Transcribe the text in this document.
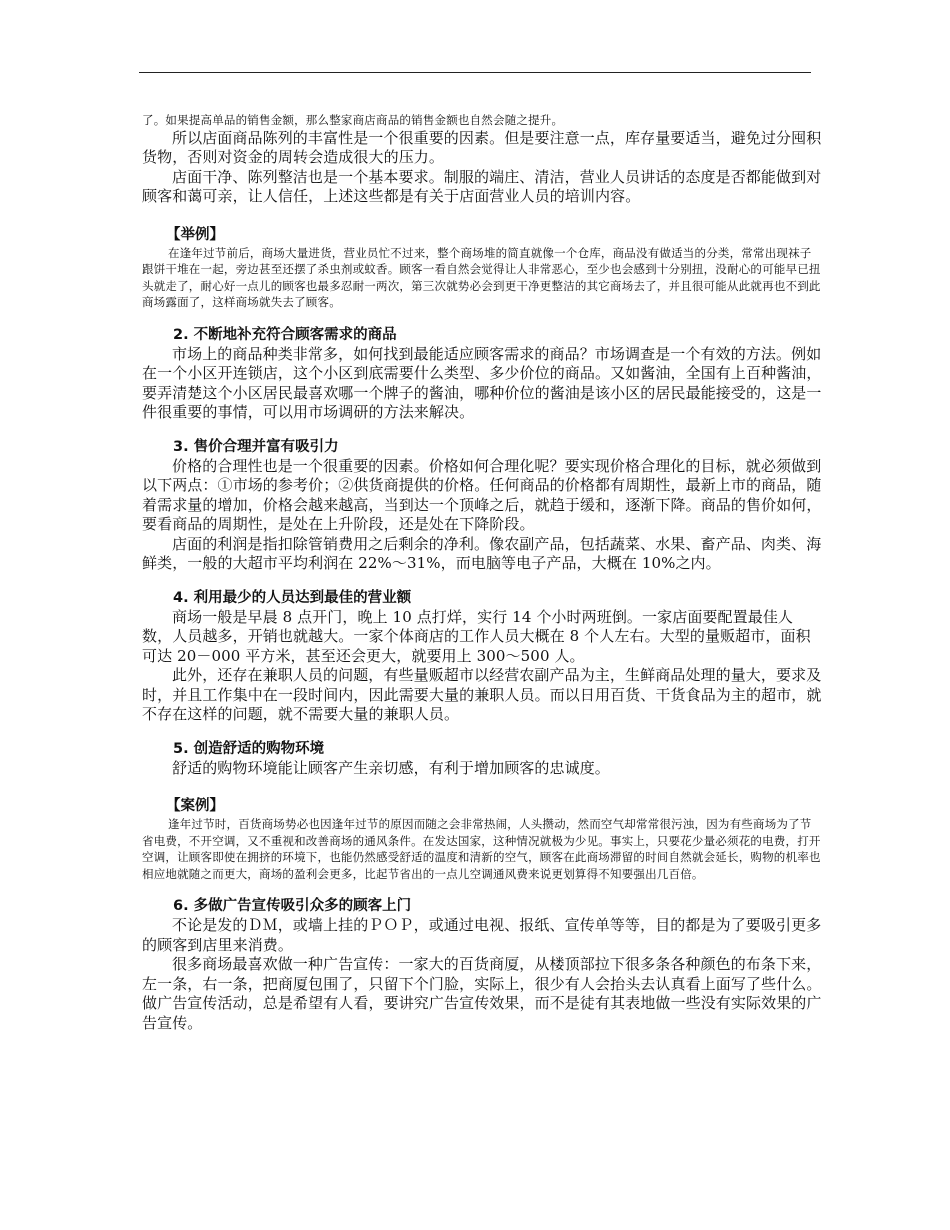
了。如果提高单品的销售金额，那么整家商店商品的销售金额也自然会随之提升。

所以店面商品陈列的丰富性是一个很重要的因素。但是要注意一点，库存量要适当，避免过分囤积货物，否则对资金的周转会造成很大的压力。

店面干净、陈列整洁也是一个基本要求。制服的端庄、清洁，营业人员讲话的态度是否都能做到对顾客和蔼可亲，让人信任，上述这些都是有关于店面营业人员的培训内容。

【举例】

在逢年过节前后，商场大量进货，营业员忙不过来，整个商场堆的简直就像一个仓库，商品没有做适当的分类，常常出现袜子跟饼干堆在一起，旁边甚至还摆了杀虫剂或蚊香。顾客一看自然会觉得让人非常恶心，至少也会感到十分别扭，没耐心的可能早已扭头就走了，耐心好一点儿的顾客也最多忍耐一两次，第三次就势必会到更干净更整洁的其它商场去了，并且很可能从此就再也不到此商场露面了，这样商场就失去了顾客。

2. 不断地补充符合顾客需求的商品

市场上的商品种类非常多，如何找到最能适应顾客需求的商品？市场调查是一个有效的方法。例如在一个小区开连锁店，这个小区到底需要什么类型、多少价位的商品。又如酱油，全国有上百种酱油，要弄清楚这个小区居民最喜欢哪一个牌子的酱油，哪种价位的酱油是该小区的居民最能接受的，这是一件很重要的事情，可以用市场调研的方法来解决。

3. 售价合理并富有吸引力

价格的合理性也是一个很重要的因素。价格如何合理化呢？要实现价格合理化的目标，就必须做到以下两点：①市场的参考价；②供货商提供的价格。任何商品的价格都有周期性，最新上市的商品，随着需求量的增加，价格会越来越高，当到达一个顶峰之后，就趋于缓和，逐渐下降。商品的售价如何，要看商品的周期性，是处在上升阶段，还是处在下降阶段。

店面的利润是指扣除管销费用之后剩余的净利。像农副产品，包括蔬菜、水果、畜产品、肉类、海鲜类，一般的大超市平均利润在 22%～31%，而电脑等电子产品，大概在 10%之内。

4. 利用最少的人员达到最佳的营业额

商场一般是早晨 8 点开门，晚上 10 点打烊，实行 14 个小时两班倒。一家店面要配置最佳人数，人员越多，开销也就越大。一家个体商店的工作人员大概在 8 个人左右。大型的量贩超市，面积可达 20－000 平方米，甚至还会更大，就要用上 300～500 人。

此外，还存在兼职人员的问题，有些量贩超市以经营农副产品为主，生鲜商品处理的量大，要求及时，并且工作集中在一段时间内，因此需要大量的兼职人员。而以日用百货、干货食品为主的超市，就不存在这样的问题，就不需要大量的兼职人员。

5. 创造舒适的购物环境

舒适的购物环境能让顾客产生亲切感，有利于增加顾客的忠诚度。

【案例】

逢年过节时，百货商场势必也因逢年过节的原因而随之会非常热闹，人头攒动，然而空气却常常很污浊，因为有些商场为了节省电费，不开空调，又不重视和改善商场的通风条件。在发达国家，这种情况就极为少见。事实上，只要花少量必须花的电费，打开空调，让顾客即使在拥挤的环境下，也能仍然感受舒适的温度和清新的空气，顾客在此商场滞留的时间自然就会延长，购物的机率也相应地就随之而更大，商场的盈利会更多，比起节省出的一点儿空调通风费来说更划算得不知要强出几百倍。

6. 多做广告宣传吸引众多的顾客上门

不论是发的ＤＭ，或墙上挂的ＰＯＰ，或通过电视、报纸、宣传单等等，目的都是为了要吸引更多的顾客到店里来消费。

很多商场最喜欢做一种广告宣传：一家大的百货商厦，从楼顶部拉下很多条各种颜色的布条下来，左一条，右一条，把商厦包围了，只留下个门脸，实际上，很少有人会抬头去认真看上面写了些什么。做广告宣传活动，总是希望有人看，要讲究广告宣传效果，而不是徒有其表地做一些没有实际效果的广告宣传。
